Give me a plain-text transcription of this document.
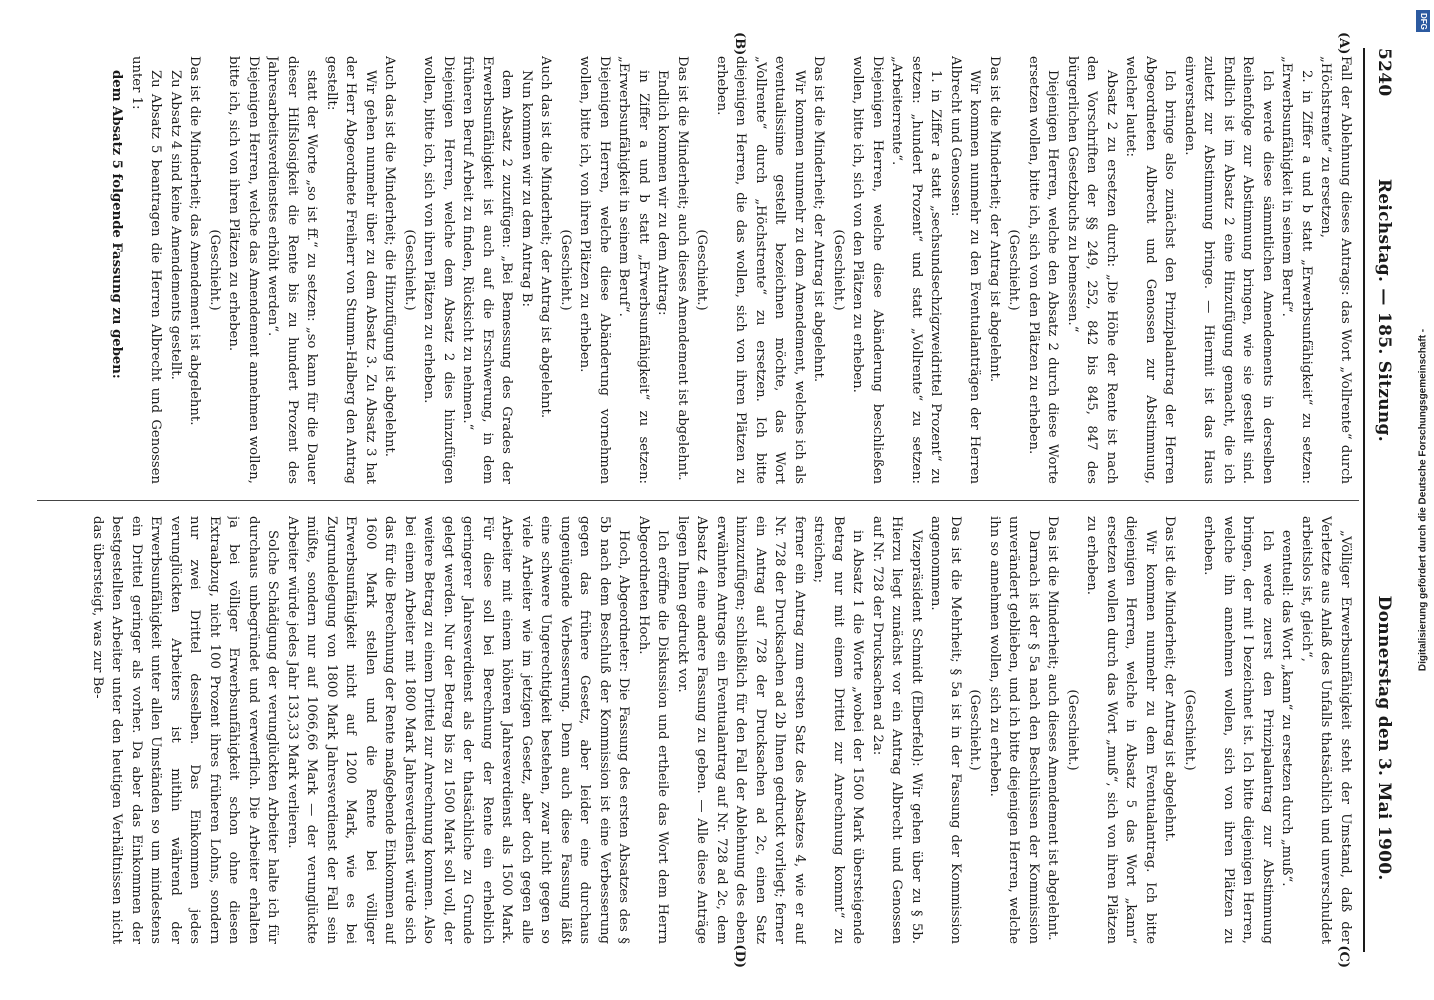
5240
Reichstag. — 185. Sitzung.
Donnerstag den 3. Mai 1900.
(A)
(B)
(C)
(D)

Fall der Ablehnung dieses Antrags: das Wort „Vollrente“ durch „Höchstrente“ zu ersetzen,

2. in Ziffer a und b statt „Erwerbsunfähigkeit“ zu setzen: „Erwerbsunfähigkeit in seinem Beruf“.

Ich werde diese sämmtlichen Amendements in derselben Reihenfolge zur Abstimmung bringen, wie sie gestellt sind. Endlich ist im Absatz 2 eine Hinzufügung gemacht, die ich zuletzt zur Abstimmung bringe. — Hiermit ist das Haus einverstanden.

Ich bringe also zunächst den Prinzipalantrag der Herren Abgeordneten Albrecht und Genossen zur Abstimmung, welcher lautet:

Absatz 2 zu ersetzen durch: „Die Höhe der Rente ist nach den Vorschriften der §§ 249, 252, 842 bis 845, 847 des bürgerlichen Gesetzbuchs zu bemessen.“

Diejenigen Herren, welche den Absatz 2 durch diese Worte ersetzen wollen, bitte ich, sich von den Plätzen zu erheben.

(Geschieht.)

Das ist die Minderheit; der Antrag ist abgelehnt.

Wir kommen nunmehr zu den Eventualanträgen der Herren Albrecht und Genossen:

1. in Ziffer a statt „sechsundsechzigzweidrittel Prozent“ zu setzen: „hundert Prozent“ und statt „Vollrente“ zu setzen: „Arbeiterrente“.

Diejenigen Herren, welche diese Abänderung beschließen wollen, bitte ich, sich von den Plätzen zu erheben.

(Geschieht.)

Das ist die Minderheit; der Antrag ist abgelehnt.

Wir kommen nunmehr zu dem Amendement, welches ich als eventualissime gestellt bezeichnen möchte, das Wort „Vollrente“ durch „Höchstrente“ zu ersetzen. Ich bitte diejenigen Herren, die das wollen, sich von ihren Plätzen zu erheben.

(Geschieht.)

Das ist die Minderheit; auch dieses Amendement ist abgelehnt.

Endlich kommen wir zu dem Antrag:

in Ziffer a und b statt „Erwerbsunfähigkeit“ zu setzen: „Erwerbsunfähigkeit in seinem Beruf“.

Diejenigen Herren, welche diese Abänderung vornehmen wollen, bitte ich, von ihren Plätzen zu erheben.

(Geschieht.)

Auch das ist die Minderheit; der Antrag ist abgelehnt.

Nun kommen wir zu dem Antrag B:

dem Absatz 2 zuzufügen: „Bei Bemessung des Grades der Erwerbsunfähigkeit ist auch auf die Erschwerung, in dem früheren Beruf Arbeit zu finden, Rücksicht zu nehmen.“

Diejenigen Herren, welche dem Absatz 2 dies hinzufügen wollen, bitte ich, sich von ihren Plätzen zu erheben.

(Geschieht.)

Auch das ist die Minderheit; die Hinzufügung ist abgelehnt.

Wir gehen nunmehr über zu dem Absatz 3. Zu Absatz 3 hat der Herr Abgeordnete Freiherr von Stumm-Halberg den Antrag gestellt:

statt der Worte „so ist ff.“ zu setzen: „so kann für die Dauer dieser Hilfslosigkeit die Rente bis zu hundert Prozent des Jahresarbeitsverdienstes erhöht werden“.

Diejenigen Herren, welche das Amendement annehmen wollen, bitte ich, sich von ihren Plätzen zu erheben.

(Geschieht.)

Das ist die Minderheit; das Amendement ist abgelehnt.

Zu Absatz 4 sind keine Amendements gestellt.

Zu Absatz 5 beantragen die Herren Albrecht und Genossen unter 1:

dem Absatz 5 folgende Fassung zu geben:

„Völliger Erwerbsunfähigkeit steht der Umstand, daß der Verletzte aus Anlaß des Unfalls thatsächlich und unverschuldet arbeitslos ist, gleich“,

eventuell: das Wort „kann“ zu ersetzen durch „muß“.

Ich werde zuerst den Prinzipalantrag zur Abstimmung bringen, der mit I bezeichnet ist. Ich bitte diejenigen Herren, welche ihn annehmen wollen, sich von ihren Plätzen zu erheben.

(Geschieht.)

Das ist die Minderheit; der Antrag ist abgelehnt.

Wir kommen nunmehr zu dem Eventualantrag. Ich bitte diejenigen Herren, welche in Absatz 5 das Wort „kann“ ersetzen wollen durch das Wort „muß“, sich von ihren Plätzen zu erheben.

(Geschieht.)

Das ist die Minderheit; auch dieses Amendement ist abgelehnt.

Darnach ist der § 5a nach den Beschlüssen der Kommission unverändert geblieben, und ich bitte diejenigen Herren, welche ihn so annehmen wollen, sich zu erheben.

(Geschieht.)

Das ist die Mehrheit; § 5a ist in der Fassung der Kommission angenommen.

Vizepräsident Schmidt (Elberfeld): Wir gehen über zu § 5b. Hierzu liegt zunächst vor ein Antrag Albrecht und Genossen auf Nr. 728 der Drucksachen ad 2a:

in Absatz 1 die Worte „wobei der 1500 Mark übersteigende Betrag nur mit einem Drittel zur Anrechnung kommt“ zu streichen;

ferner ein Antrag zum ersten Satz des Absatzes 4, wie er auf Nr. 728 der Drucksachen ad 2b Ihnen gedruckt vorliegt; ferner ein Antrag auf 728 der Drucksachen ad 2c, einen Satz hinzuzufügen; schließlich für den Fall der Ablehnung des eben erwähnten Antrags ein Eventualantrag auf Nr. 728 ad 2c, dem Absatz 4 eine andere Fassung zu geben. — Alle diese Anträge liegen Ihnen gedruckt vor.

Ich eröffne die Diskussion und ertheile das Wort dem Herrn Abgeordneten Hoch.

Hoch, Abgeordneter: Die Fassung des ersten Absatzes des § 5b nach dem Beschluß der Kommission ist eine Verbesserung gegen das frühere Gesetz, aber leider eine durchaus ungenügende Verbesserung. Denn auch diese Fassung läßt eine schwere Ungerechtigkeit bestehen, zwar nicht gegen so viele Arbeiter wie im jetzigen Gesetz, aber doch gegen alle Arbeiter mit einem höheren Jahresverdienst als 1500 Mark. Für diese soll bei Berechnung der Rente ein erheblich geringerer Jahresverdienst als der thatsächliche zu Grunde gelegt werden. Nur der Betrag bis zu 1500 Mark soll voll, der weitere Betrag zu einem Drittel zur Anrechnung kommen. Also bei einem Arbeiter mit 1800 Mark Jahresverdienst würde sich das für die Berechnung der Rente maßgebende Einkommen auf 1600 Mark stellen und die Rente bei völliger Erwerbsunfähigkeit nicht auf 1200 Mark, wie es bei Zugrundelegung von 1800 Mark Jahresverdienst der Fall sein müßte, sondern nur auf 1066,66 Mark — der verunglückte Arbeiter würde jedes Jahr 133,33 Mark verlieren.

Solche Schädigung der verunglückten Arbeiter halte ich für durchaus unbegründet und verwerflich. Die Arbeiter erhalten ja bei völliger Erwerbsunfähigkeit schon ohne diesen Extraabzug, nicht 100 Prozent ihres früheren Lohns, sondern nur zwei Drittel desselben. Das Einkommen jedes verunglückten Arbeiters ist mithin während der Erwerbsunfähigkeit unter allen Umständen so um mindestens ein Drittel geringer als vorher. Da aber das Einkommen der bestgestellten Arbeiter unter den heutigen Verhältnissen nicht das übersteigt, was zur Be-	Digitalisierung gefördert durch die Deutsche Forschungsgemeinschaft -
DFG
